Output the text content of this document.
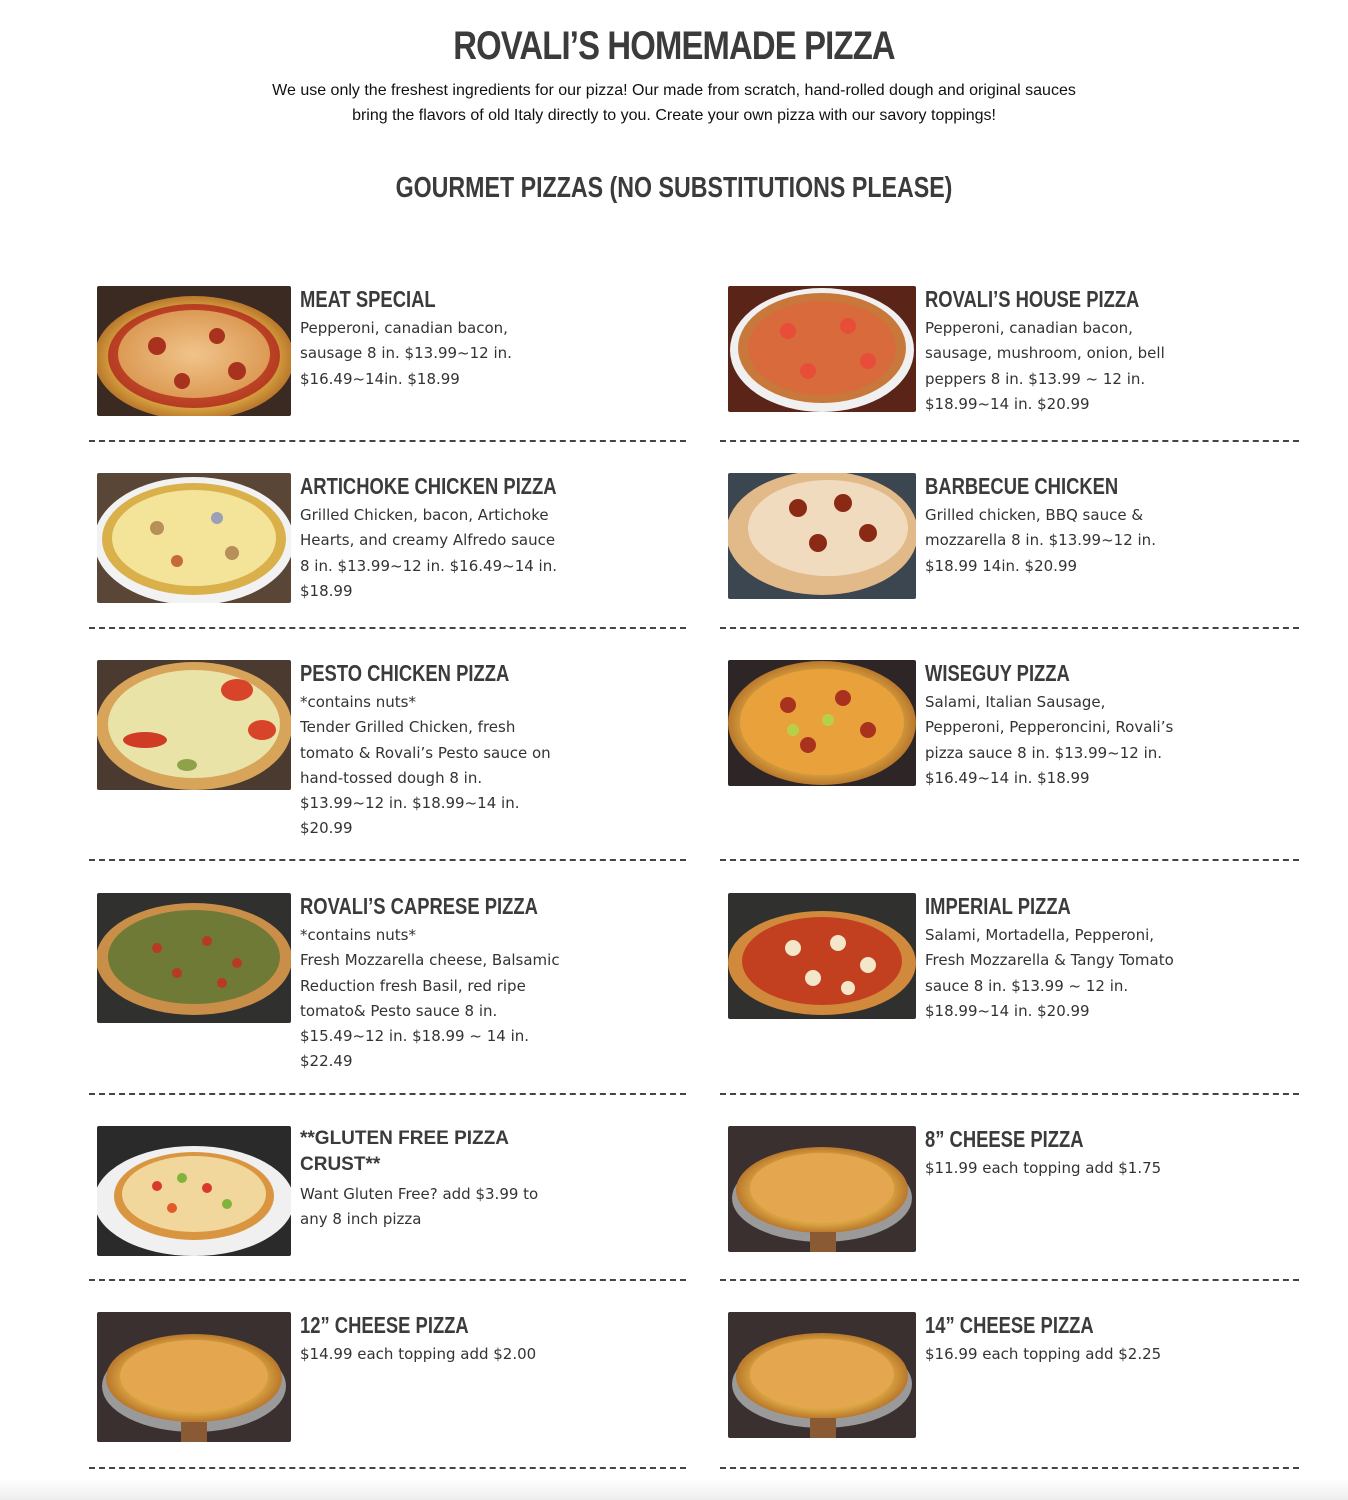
ROVALI’S HOMEMADE PIZZA

We use only the freshest ingredients for our pizza! Our made from scratch, hand-rolled dough and original sauces bring the flavors of old Italy directly to you. Create your own pizza with our savory toppings!

GOURMET PIZZAS (NO SUBSTITUTIONS PLEASE)
MEAT SPECIAL

Pepperoni, canadian bacon,
sausage 8 in. $13.99~12 in.
$16.49~14in. $18.99

ARTICHOKE CHICKEN PIZZA

Grilled Chicken, bacon, Artichoke
Hearts, and creamy Alfredo sauce
8 in. $13.99~12 in. $16.49~14 in.
$18.99

PESTO CHICKEN PIZZA

*contains nuts*
Tender Grilled Chicken, fresh
tomato & Rovali’s Pesto sauce on
hand-tossed dough 8 in.
$13.99~12 in. $18.99~14 in.
$20.99

ROVALI’S CAPRESE PIZZA

*contains nuts*
Fresh Mozzarella cheese, Balsamic
Reduction fresh Basil, red ripe
tomato& Pesto sauce 8 in.
$15.49~12 in. $18.99 ~ 14 in.
$22.49

**GLUTEN FREE PIZZA CRUST**

Want Gluten Free? add $3.99 to
any 8 inch pizza

12” CHEESE PIZZA

$14.99 each topping add $2.00

ROVALI’S HOUSE PIZZA

Pepperoni, canadian bacon,
sausage, mushroom, onion, bell
peppers 8 in. $13.99 ~ 12 in.
$18.99~14 in. $20.99

BARBECUE CHICKEN

Grilled chicken, BBQ sauce &
mozzarella 8 in. $13.99~12 in.
$18.99 14in. $20.99

WISEGUY PIZZA

Salami, Italian Sausage,
Pepperoni, Pepperoncini, Rovali’s
pizza sauce 8 in. $13.99~12 in.
$16.49~14 in. $18.99

IMPERIAL PIZZA

Salami, Mortadella, Pepperoni,
Fresh Mozzarella & Tangy Tomato
sauce 8 in. $13.99 ~ 12 in.
$18.99~14 in. $20.99

8” CHEESE PIZZA

$11.99 each topping add $1.75

14” CHEESE PIZZA

$16.99 each topping add $2.25
